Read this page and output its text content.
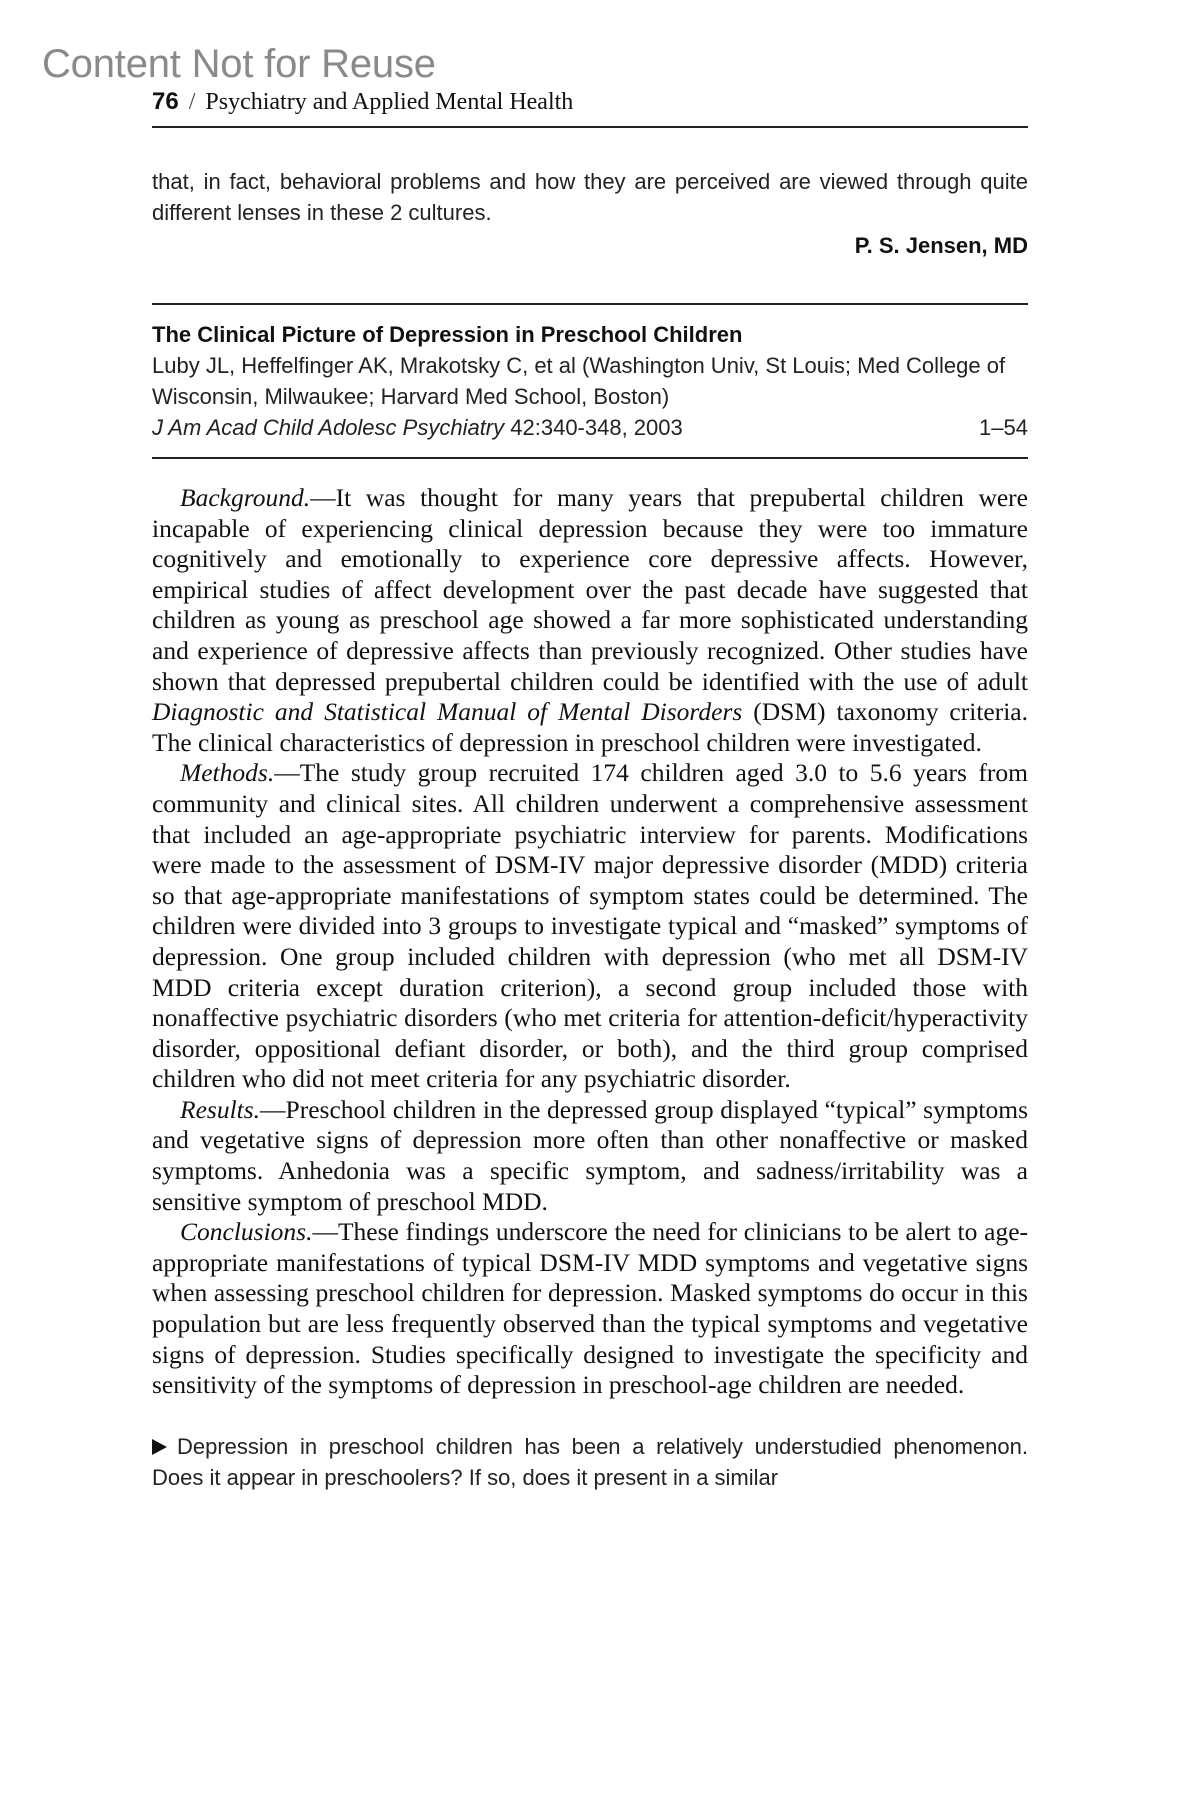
Content Not for Reuse
76 / Psychiatry and Applied Mental Health
that, in fact, behavioral problems and how they are perceived are viewed through quite different lenses in these 2 cultures.
P. S. Jensen, MD
The Clinical Picture of Depression in Preschool Children
Luby JL, Heffelfinger AK, Mrakotsky C, et al (Washington Univ, St Louis; Med College of Wisconsin, Milwaukee; Harvard Med School, Boston)
J Am Acad Child Adolesc Psychiatry 42:340-348, 2003	1–54

Background.—It was thought for many years that prepubertal children were incapable of experiencing clinical depression because they were too immature cognitively and emotionally to experience core depressive affects. However, empirical studies of affect development over the past decade have suggested that children as young as preschool age showed a far more sophisticated understanding and experience of depressive affects than previously recognized. Other studies have shown that depressed prepubertal children could be identified with the use of adult Diagnostic and Statistical Manual of Mental Disorders (DSM) taxonomy criteria. The clinical characteristics of depression in preschool children were investigated.

Methods.—The study group recruited 174 children aged 3.0 to 5.6 years from community and clinical sites. All children underwent a comprehensive assessment that included an age-appropriate psychiatric interview for parents. Modifications were made to the assessment of DSM-IV major depressive disorder (MDD) criteria so that age-appropriate manifestations of symptom states could be determined. The children were divided into 3 groups to investigate typical and “masked” symptoms of depression. One group included children with depression (who met all DSM-IV MDD criteria except duration criterion), a second group included those with nonaffective psychiatric disorders (who met criteria for attention-deficit/hyperactivity disorder, oppositional defiant disorder, or both), and the third group comprised children who did not meet criteria for any psychiatric disorder.

Results.—Preschool children in the depressed group displayed “typical” symptoms and vegetative signs of depression more often than other nonaffective or masked symptoms. Anhedonia was a specific symptom, and sadness/irritability was a sensitive symptom of preschool MDD.

Conclusions.—These findings underscore the need for clinicians to be alert to age-appropriate manifestations of typical DSM-IV MDD symptoms and vegetative signs when assessing preschool children for depression. Masked symptoms do occur in this population but are less frequently observed than the typical symptoms and vegetative signs of depression. Studies specifically designed to investigate the specificity and sensitivity of the symptoms of depression in preschool-age children are needed.

Depression in preschool children has been a relatively understudied phenomenon. Does it appear in preschoolers? If so, does it present in a similar
